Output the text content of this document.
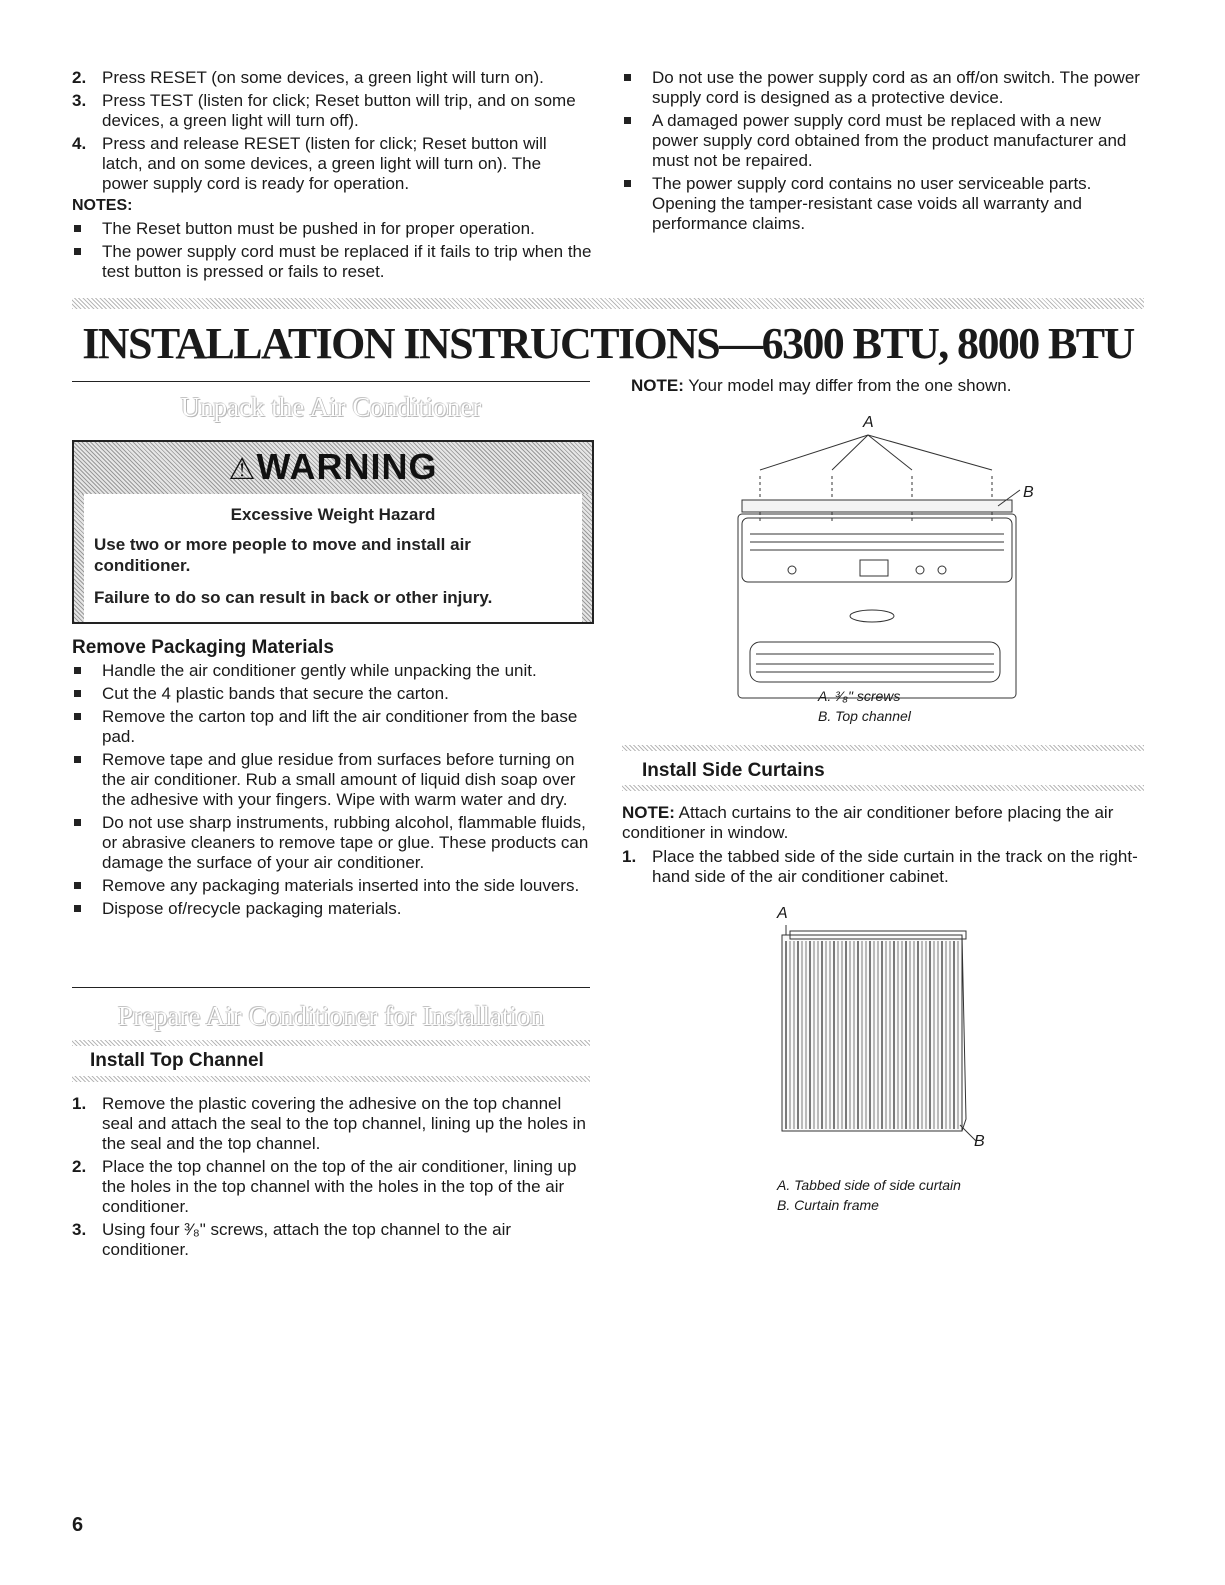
2. Press RESET (on some devices, a green light will turn on).
3. Press TEST (listen for click; Reset button will trip, and on some devices, a green light will turn off).
4. Press and release RESET (listen for click; Reset button will latch, and on some devices, a green light will turn on). The power supply cord is ready for operation.
NOTES:
The Reset button must be pushed in for proper operation.
The power supply cord must be replaced if it fails to trip when the test button is pressed or fails to reset.
Do not use the power supply cord as an off/on switch. The power supply cord is designed as a protective device.
A damaged power supply cord must be replaced with a new power supply cord obtained from the product manufacturer and must not be repaired.
The power supply cord contains no user serviceable parts. Opening the tamper-resistant case voids all warranty and performance claims.
INSTALLATION INSTRUCTIONS—6300 BTU, 8000 BTU
Unpack the Air Conditioner
⚠WARNING
Excessive Weight Hazard
Use two or more people to move and install air conditioner.
Failure to do so can result in back or other injury.
Remove Packaging Materials
Handle the air conditioner gently while unpacking the unit.
Cut the 4 plastic bands that secure the carton.
Remove the carton top and lift the air conditioner from the base pad.
Remove tape and glue residue from surfaces before turning on the air conditioner. Rub a small amount of liquid dish soap over the adhesive with your fingers. Wipe with warm water and dry.
Do not use sharp instruments, rubbing alcohol, flammable fluids, or abrasive cleaners to remove tape or glue. These products can damage the surface of your air conditioner.
Remove any packaging materials inserted into the side louvers.
Dispose of/recycle packaging materials.
Prepare Air Conditioner for Installation
Install Top Channel
1. Remove the plastic covering the adhesive on the top channel seal and attach the seal to the top channel, lining up the holes in the seal and the top channel.
2. Place the top channel on the top of the air conditioner, lining up the holes in the top channel with the holes in the top of the air conditioner.
3. Using four ³⁄₈" screws, attach the top channel to the air conditioner.
NOTE: Your model may differ from the one shown.
A
B
A. ³⁄₈" screws
B. Top channel
Install Side Curtains
NOTE: Attach curtains to the air conditioner before placing the air conditioner in window.
1. Place the tabbed side of the side curtain in the track on the right-hand side of the air conditioner cabinet.
A
B
A. Tabbed side of side curtain
B. Curtain frame
6
